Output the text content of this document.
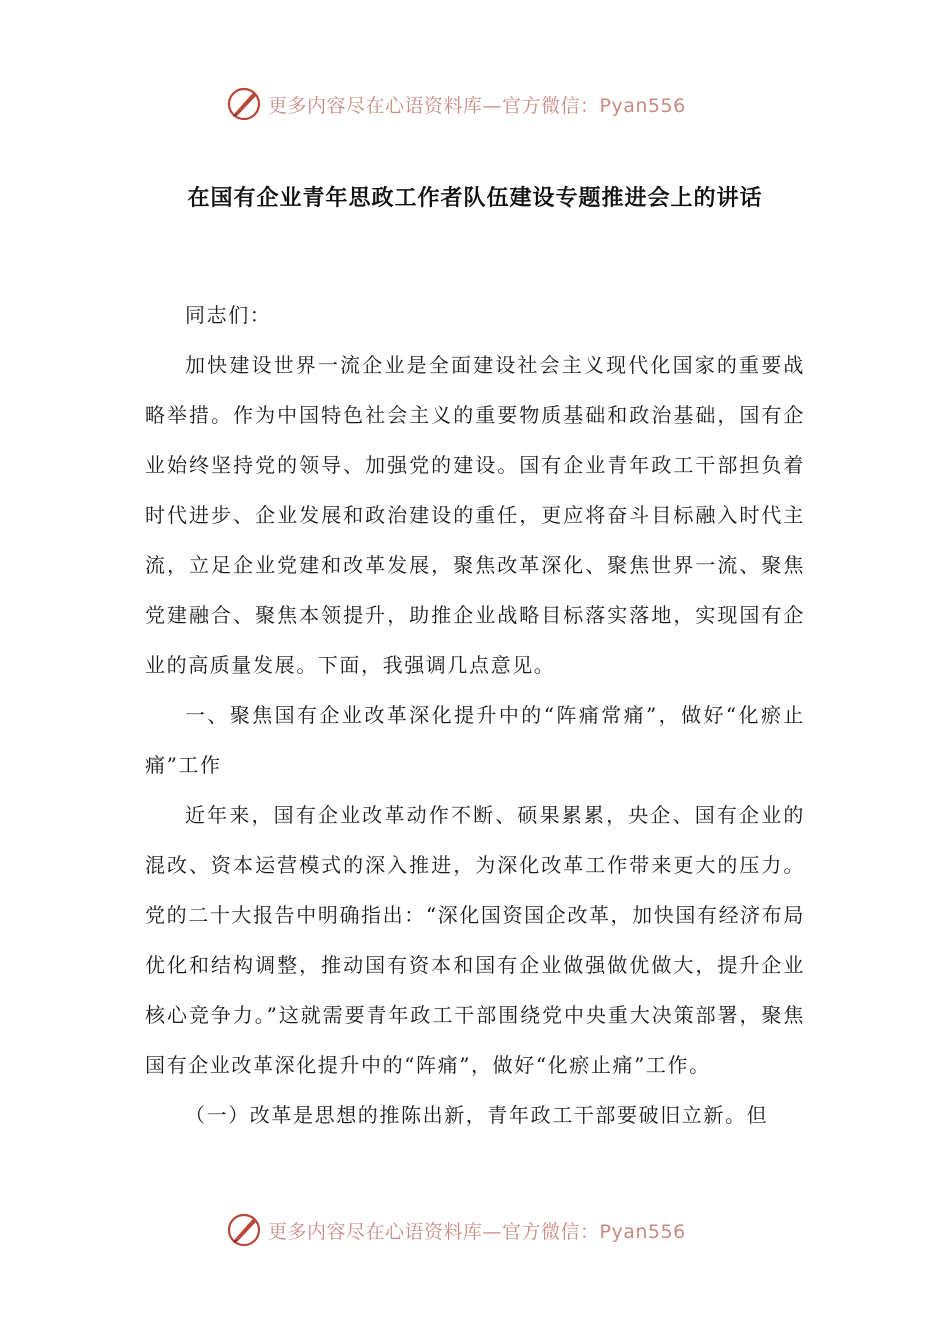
更多内容尽在心语资料库—官方微信：Pyan556
在国有企业青年思政工作者队伍建设专题推进会上的讲话

同志们：

加快建设世界一流企业是全面建设社会主义现代化国家的重要战略举措。作为中国特色社会主义的重要物质基础和政治基础，国有企业始终坚持党的领导、加强党的建设。国有企业青年政工干部担负着时代进步、企业发展和政治建设的重任，更应将奋斗目标融入时代主流，立足企业党建和改革发展，聚焦改革深化、聚焦世界一流、聚焦党建融合、聚焦本领提升，助推企业战略目标落实落地，实现国有企业的高质量发展。下面，我强调几点意见。

一、聚焦国有企业改革深化提升中的“阵痛常痛”，做好“化瘀止痛”工作

近年来，国有企业改革动作不断、硕果累累，央企、国有企业的混改、资本运营模式的深入推进，为深化改革工作带来更大的压力。党的二十大报告中明确指出：“深化国资国企改革，加快国有经济布局优化和结构调整，推动国有资本和国有企业做强做优做大，提升企业核心竞争力。”这就需要青年政工干部围绕党中央重大决策部署，聚焦国有企业改革深化提升中的“阵痛”，做好“化瘀止痛”工作。

（一）改革是思想的推陈出新，青年政工干部要破旧立新。但

更多内容尽在心语资料库—官方微信：Pyan556
